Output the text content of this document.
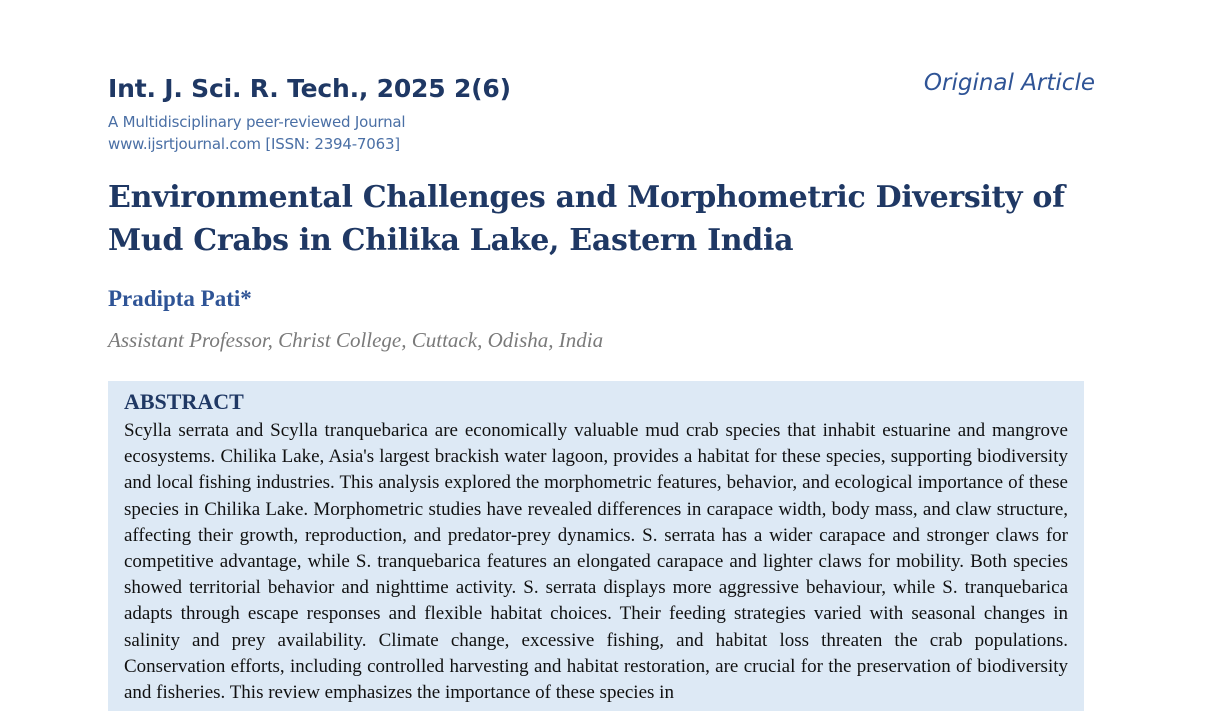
Int. J. Sci. R. Tech., 2025 2(6)	Original Article
A Multidisciplinary peer-reviewed Journal
www.ijsrtjournal.com [ISSN: 2394-7063]
Environmental Challenges and Morphometric Diversity of Mud Crabs in Chilika Lake, Eastern India
Pradipta Pati*
Assistant Professor, Christ College, Cuttack, Odisha, India
ABSTRACT

Scylla serrata and Scylla tranquebarica are economically valuable mud crab species that inhabit estuarine and mangrove ecosystems. Chilika Lake, Asia's largest brackish water lagoon, provides a habitat for these species, supporting biodiversity and local fishing industries. This analysis explored the morphometric features, behavior, and ecological importance of these species in Chilika Lake. Morphometric studies have revealed differences in carapace width, body mass, and claw structure, affecting their growth, reproduction, and predator-prey dynamics. S. serrata has a wider carapace and stronger claws for competitive advantage, while S. tranquebarica features an elongated carapace and lighter claws for mobility. Both species showed territorial behavior and nighttime activity. S. serrata displays more aggressive behaviour, while S. tranquebarica adapts through escape responses and flexible habitat choices. Their feeding strategies varied with seasonal changes in salinity and prey availability. Climate change, excessive fishing, and habitat loss threaten the crab populations. Conservation efforts, including controlled harvesting and habitat restoration, are crucial for the preservation of biodiversity and fisheries. This review emphasizes the importance of these species in
